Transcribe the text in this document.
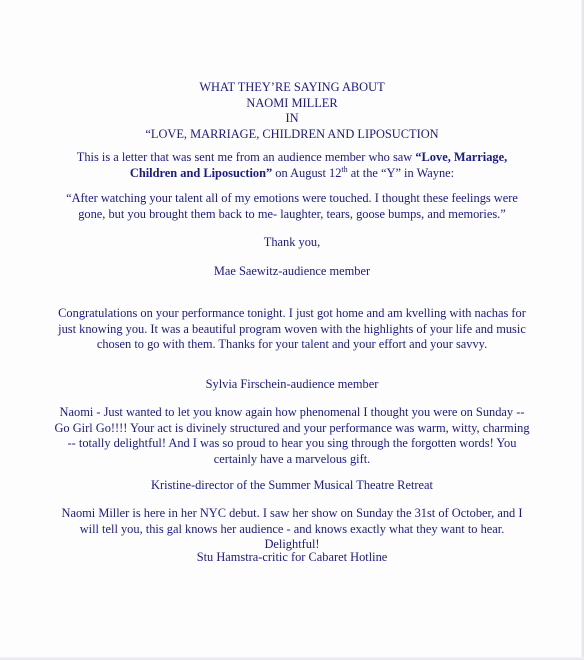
WHAT THEY’RE SAYING ABOUT
NAOMI MILLER
IN
“LOVE, MARRIAGE, CHILDREN AND LIPOSUCTION

This is a letter that was sent me from an audience member who saw “Love, Marriage, Children and Liposuction” on August 12th at the “Y” in Wayne:

“After watching your talent all of my emotions were touched. I thought these feelings were gone, but you brought them back to me- laughter, tears, goose bumps, and memories.”

Thank you,

Mae Saewitz-audience member

Congratulations on your performance tonight. I just got home and am kvelling with nachas for just knowing you. It was a beautiful program woven with the highlights of your life and music chosen to go with them. Thanks for your talent and your effort and your savvy.

Sylvia Firschein-audience member

Naomi - Just wanted to let you know again how phenomenal I thought you were on Sunday -- Go Girl Go!!!! Your act is divinely structured and your performance was warm, witty, charming -- totally delightful! And I was so proud to hear you sing through the forgotten words! You certainly have a marvelous gift.

Kristine-director of the Summer Musical Theatre Retreat

Naomi Miller is here in her NYC debut. I saw her show on Sunday the 31st of October, and I will tell you, this gal knows her audience - and knows exactly what they want to hear.

Delightful!

Stu Hamstra-critic for Cabaret Hotline
